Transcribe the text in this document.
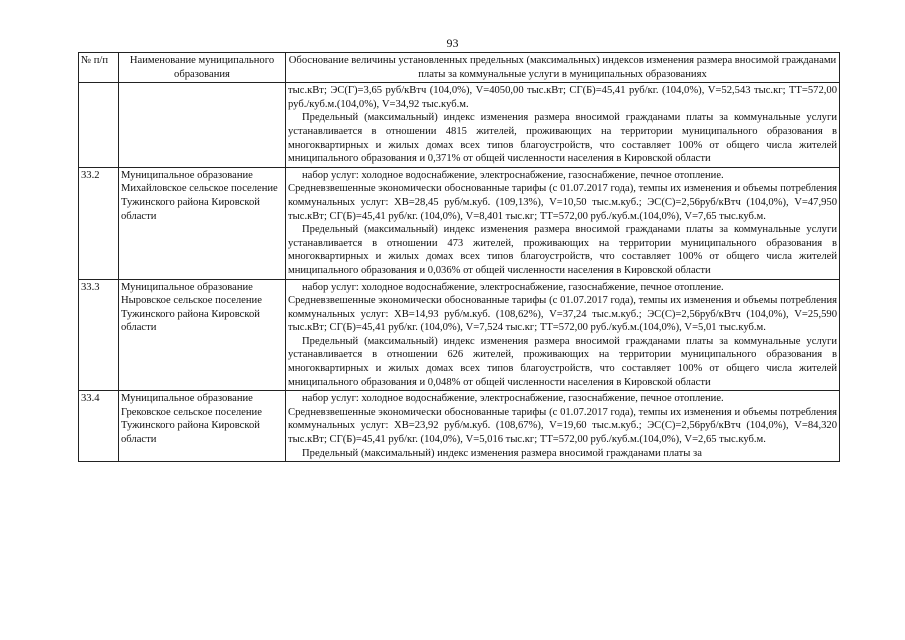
93
№ п/п	Наименование муниципального образования	Обоснование величины установленных предельных (максимальных) индексов изменения размера вносимой гражданами платы за коммунальные услуги в муниципальных образованиях

		тыс.кВт; ЭС(Г)=3,65 руб/кВтч (104,0%), V=4050,00 тыс.кВт; СГ(Б)=45,41 руб/кг. (104,0%), V=52,543 тыс.кг; ТТ=572,00 руб./куб.м.(104,0%), V=34,92 тыс.куб.м.

Предельный (максимальный) индекс изменения размера вносимой гражданами платы за коммунальные услуги устанавливается в отношении 4815 жителей, проживающих на территории муниципального образования в многоквартирных и жилых домах всех типов благоустройств, что составляет 100% от общего числа жителей мниципального образования и 0,371% от общей численности населения в Кировской области

33.2	Муниципальное образование Михайловское сельское поселение Тужинского района Кировской области	набор услуг: холодное водоснабжение, электроснабжение, газоснабжение, печное отопление.

Средневзвешенные экономически обоснованные тарифы (с 01.07.2017 года), темпы их изменения и объемы потребления коммунальных услуг: ХВ=28,45 руб/м.куб. (109,13%), V=10,50 тыс.м.куб.; ЭС(С)=2,56руб/кВтч (104,0%), V=47,950 тыс.кВт; СГ(Б)=45,41 руб/кг. (104,0%), V=8,401 тыс.кг; ТТ=572,00 руб./куб.м.(104,0%), V=7,65 тыс.куб.м.

Предельный (максимальный) индекс изменения размера вносимой гражданами платы за коммунальные услуги устанавливается в отношении 473 жителей, проживающих на территории муниципального образования в многоквартирных и жилых домах всех типов благоустройств, что составляет 100% от общего числа жителей мниципального образования и 0,036% от общей численности населения в Кировской области

33.3	Муниципальное образование Ныровское сельское поселение Тужинского района Кировской области	набор услуг: холодное водоснабжение, электроснабжение, газоснабжение, печное отопление.

Средневзвешенные экономически обоснованные тарифы (с 01.07.2017 года), темпы их изменения и объемы потребления коммунальных услуг: ХВ=14,93 руб/м.куб. (108,62%), V=37,24 тыс.м.куб.; ЭС(С)=2,56руб/кВтч (104,0%), V=25,590 тыс.кВт; СГ(Б)=45,41 руб/кг. (104,0%), V=7,524 тыс.кг; ТТ=572,00 руб./куб.м.(104,0%), V=5,01 тыс.куб.м.

Предельный (максимальный) индекс изменения размера вносимой гражданами платы за коммунальные услуги устанавливается в отношении 626 жителей, проживающих на территории муниципального образования в многоквартирных и жилых домах всех типов благоустройств, что составляет 100% от общего числа жителей мниципального образования и 0,048% от общей численности населения в Кировской области

33.4	Муниципальное образование Грековское сельское поселение Тужинского района Кировской области	набор услуг: холодное водоснабжение, электроснабжение, газоснабжение, печное отопление.

Средневзвешенные экономически обоснованные тарифы (с 01.07.2017 года), темпы их изменения и объемы потребления коммунальных услуг: ХВ=23,92 руб/м.куб. (108,67%), V=19,60 тыс.м.куб.; ЭС(С)=2,56руб/кВтч (104,0%), V=84,320 тыс.кВт; СГ(Б)=45,41 руб/кг. (104,0%), V=5,016 тыс.кг; ТТ=572,00 руб./куб.м.(104,0%), V=2,65 тыс.куб.м.

Предельный (максимальный) индекс изменения размера вносимой гражданами платы за
